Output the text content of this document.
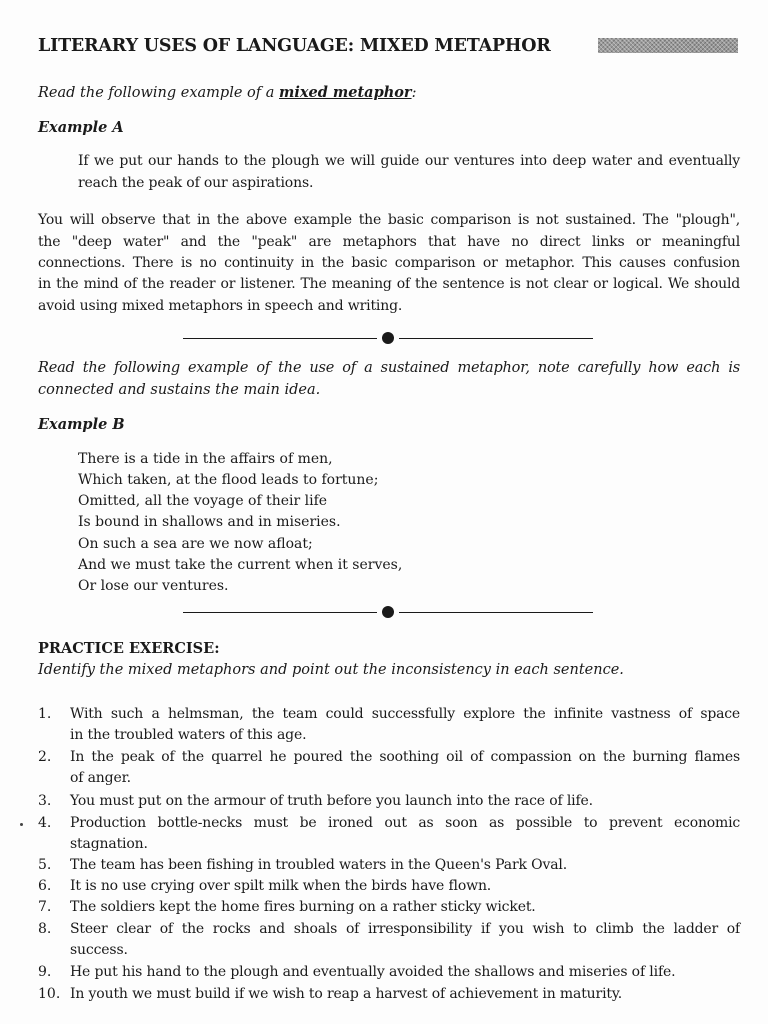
LITERARY USES OF LANGUAGE: MIXED METAPHOR
Read the following example of a mixed metaphor:
Example A
If we put our hands to the plough we will guide our ventures into deep water and eventually
reach the peak of our aspirations.
You will observe that in the above example the basic comparison is not sustained. The "plough",
the "deep water" and the "peak" are metaphors that have no direct links or meaningful
connections. There is no continuity in the basic comparison or metaphor. This causes confusion
in the mind of the reader or listener. The meaning of the sentence is not clear or logical. We should
avoid using mixed metaphors in speech and writing.
Read the following example of the use of a sustained metaphor, note carefully how each is
connected and sustains the main idea.
Example B
There is a tide in the affairs of men,
Which taken, at the flood leads to fortune;
Omitted, all the voyage of their life
Is bound in shallows and in miseries.
On such a sea are we now afloat;
And we must take the current when it serves,
Or lose our ventures.
PRACTICE EXERCISE:
Identify the mixed metaphors and point out the inconsistency in each sentence.
1. With such a helmsman, the team could successfully explore the infinite vastness of space
in the troubled waters of this age.
2. In the peak of the quarrel he poured the soothing oil of compassion on the burning flames
of anger.
3. You must put on the armour of truth before you launch into the race of life.
4. Production bottle-necks must be ironed out as soon as possible to prevent economic
stagnation.
5. The team has been fishing in troubled waters in the Queen's Park Oval.
6. It is no use crying over spilt milk when the birds have flown.
7. The soldiers kept the home fires burning on a rather sticky wicket.
8. Steer clear of the rocks and shoals of irresponsibility if you wish to climb the ladder of
success.
9. He put his hand to the plough and eventually avoided the shallows and miseries of life.
10. In youth we must build if we wish to reap a harvest of achievement in maturity.
